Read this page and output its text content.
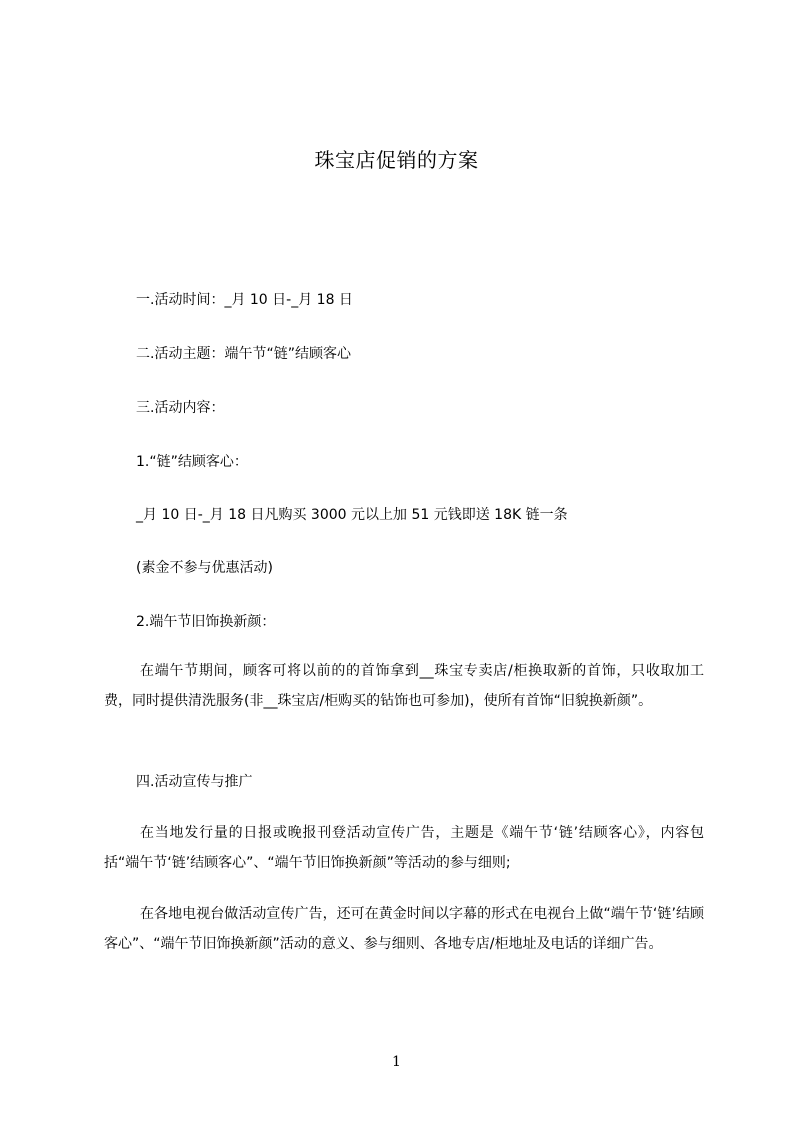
珠宝店促销的方案
一.活动时间：_月 10 日-_月 18 日
二.活动主题：端午节“链”结顾客心
三.活动内容：
1.“链”结顾客心：
_月 10 日-_月 18 日凡购买 3000 元以上加 51 元钱即送 18K 链一条
(素金不参与优惠活动)
2.端午节旧饰换新颜：
在端午节期间，顾客可将以前的的首饰拿到__珠宝专卖店/柜换取新的首饰，只收取加工费，同时提供清洗服务(非__珠宝店/柜购买的钻饰也可参加)，使所有首饰“旧貌换新颜”。
四.活动宣传与推广
在当地发行量的日报或晚报刊登活动宣传广告，主题是《端午节‘链’结顾客心》，内容包括“端午节‘链’结顾客心”、“端午节旧饰换新颜”等活动的参与细则;
在各地电视台做活动宣传广告，还可在黄金时间以字幕的形式在电视台上做“端午节‘链’结顾客心”、“端午节旧饰换新颜”活动的意义、参与细则、各地专店/柜地址及电话的详细广告。
1
